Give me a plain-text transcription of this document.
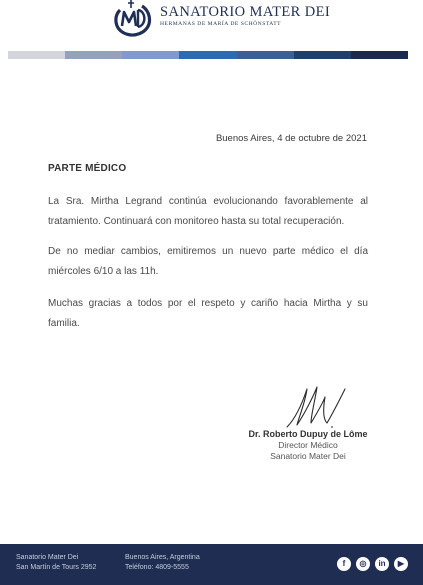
SANATORIO MATER DEI
HERMANAS DE MARÍA DE SCHÖNSTATT
Buenos Aires, 4 de octubre de 2021
PARTE MÉDICO
La Sra. Mirtha Legrand continúa evolucionando favorablemente al tratamiento. Continuará con monitoreo hasta su total recuperación.
De no mediar cambios, emitiremos un nuevo parte médico el día miércoles 6/10 a las 11h.
Muchas gracias a todos por el respeto y cariño hacia Mirtha y su familia.
Dr. Roberto Dupuy de Lôme
Director Médico
Sanatorio Mater Dei
Sanatorio Mater Dei
San Martín de Tours 2952
Buenos Aires, Argentina
Teléfono: 4809-5555	f	◎	in	▶
